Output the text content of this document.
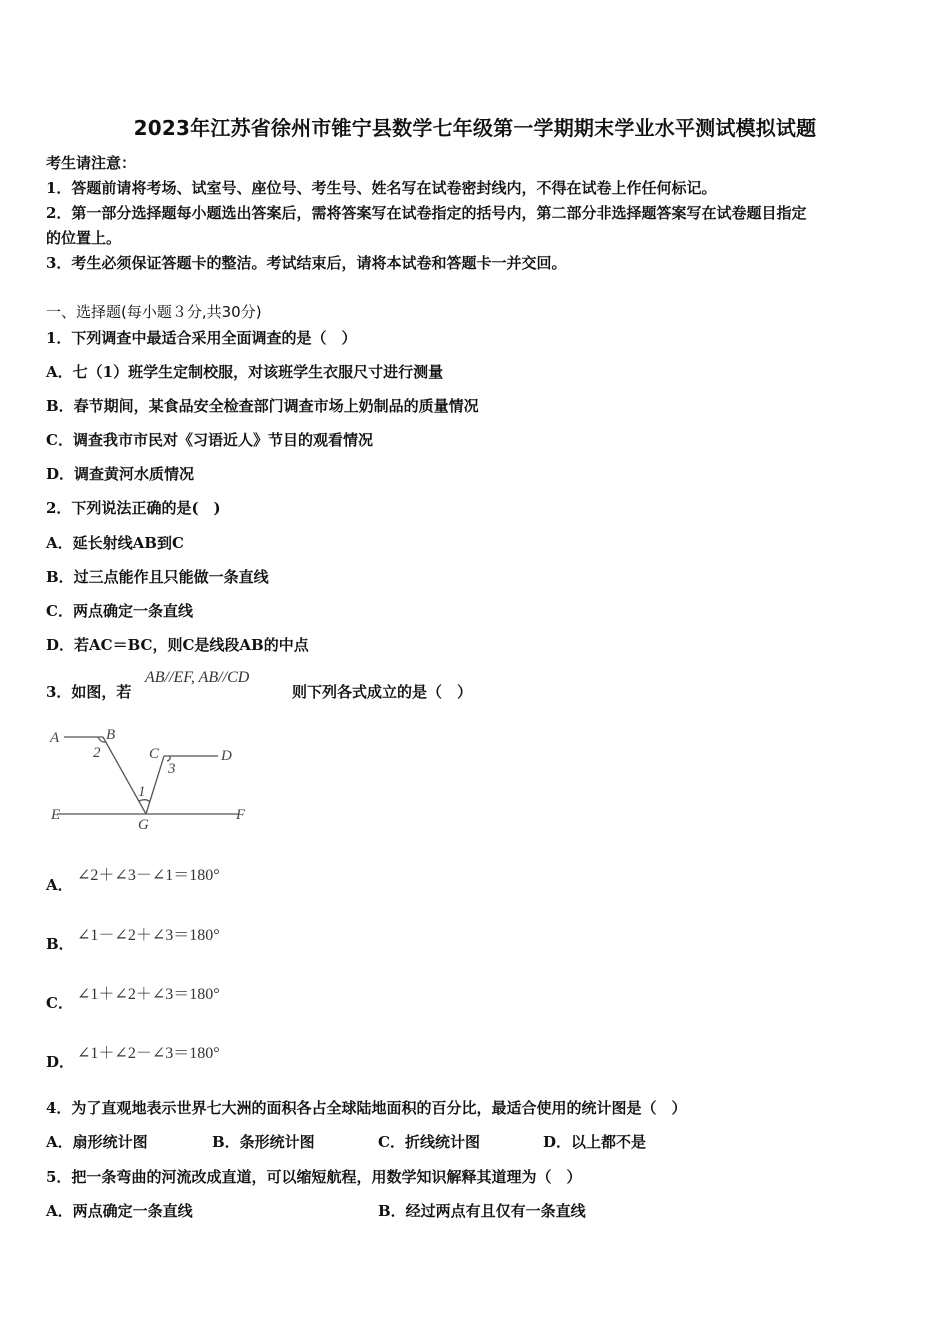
2023年江苏省徐州市锥宁县数学七年级第一学期期末学业水平测试模拟试题
考生请注意：
1．答题前请将考场、试室号、座位号、考生号、姓名写在试卷密封线内，不得在试卷上作任何标记。
2．第一部分选择题每小题选出答案后，需将答案写在试卷指定的括号内，第二部分非选择题答案写在试卷题目指定
的位置上。
3．考生必须保证答题卡的整洁。考试结束后，请将本试卷和答题卡一并交回。
一、选择题(每小题３分,共30分)
1．下列调查中最适合采用全面调查的是（　）
A．七（1）班学生定制校服，对该班学生衣服尺寸进行测量
B．春节期间，某食品安全检查部门调查市场上奶制品的质量情况
C．调查我市市民对《习语近人》节目的观看情况
D．调查黄河水质情况
2．下列说法正确的是(　)
A．延长射线AB到C
B．过三点能作且只能做一条直线
C．两点确定一条直线
D．若AC＝BC，则C是线段AB的中点
3．如图，若
AB//EF, AB//CD
则下列各式成立的是（　）
A	B
2	C
3
D
1
E
G
F
A．
∠2＋∠3－∠1＝180°
B． ∠1－∠2＋∠3＝180°
C． ∠1＋∠2＋∠3＝180°
D． ∠1＋∠2－∠3＝180°
4．为了直观地表示世界七大洲的面积各占全球陆地面积的百分比，最适合使用的统计图是（　）
A．扇形统计图	B．条形统计图	C．折线统计图	D．以上都不是
5．把一条弯曲的河流改成直道，可以缩短航程，用数学知识解释其道理为（　）
A．两点确定一条直线	B．经过两点有且仅有一条直线
